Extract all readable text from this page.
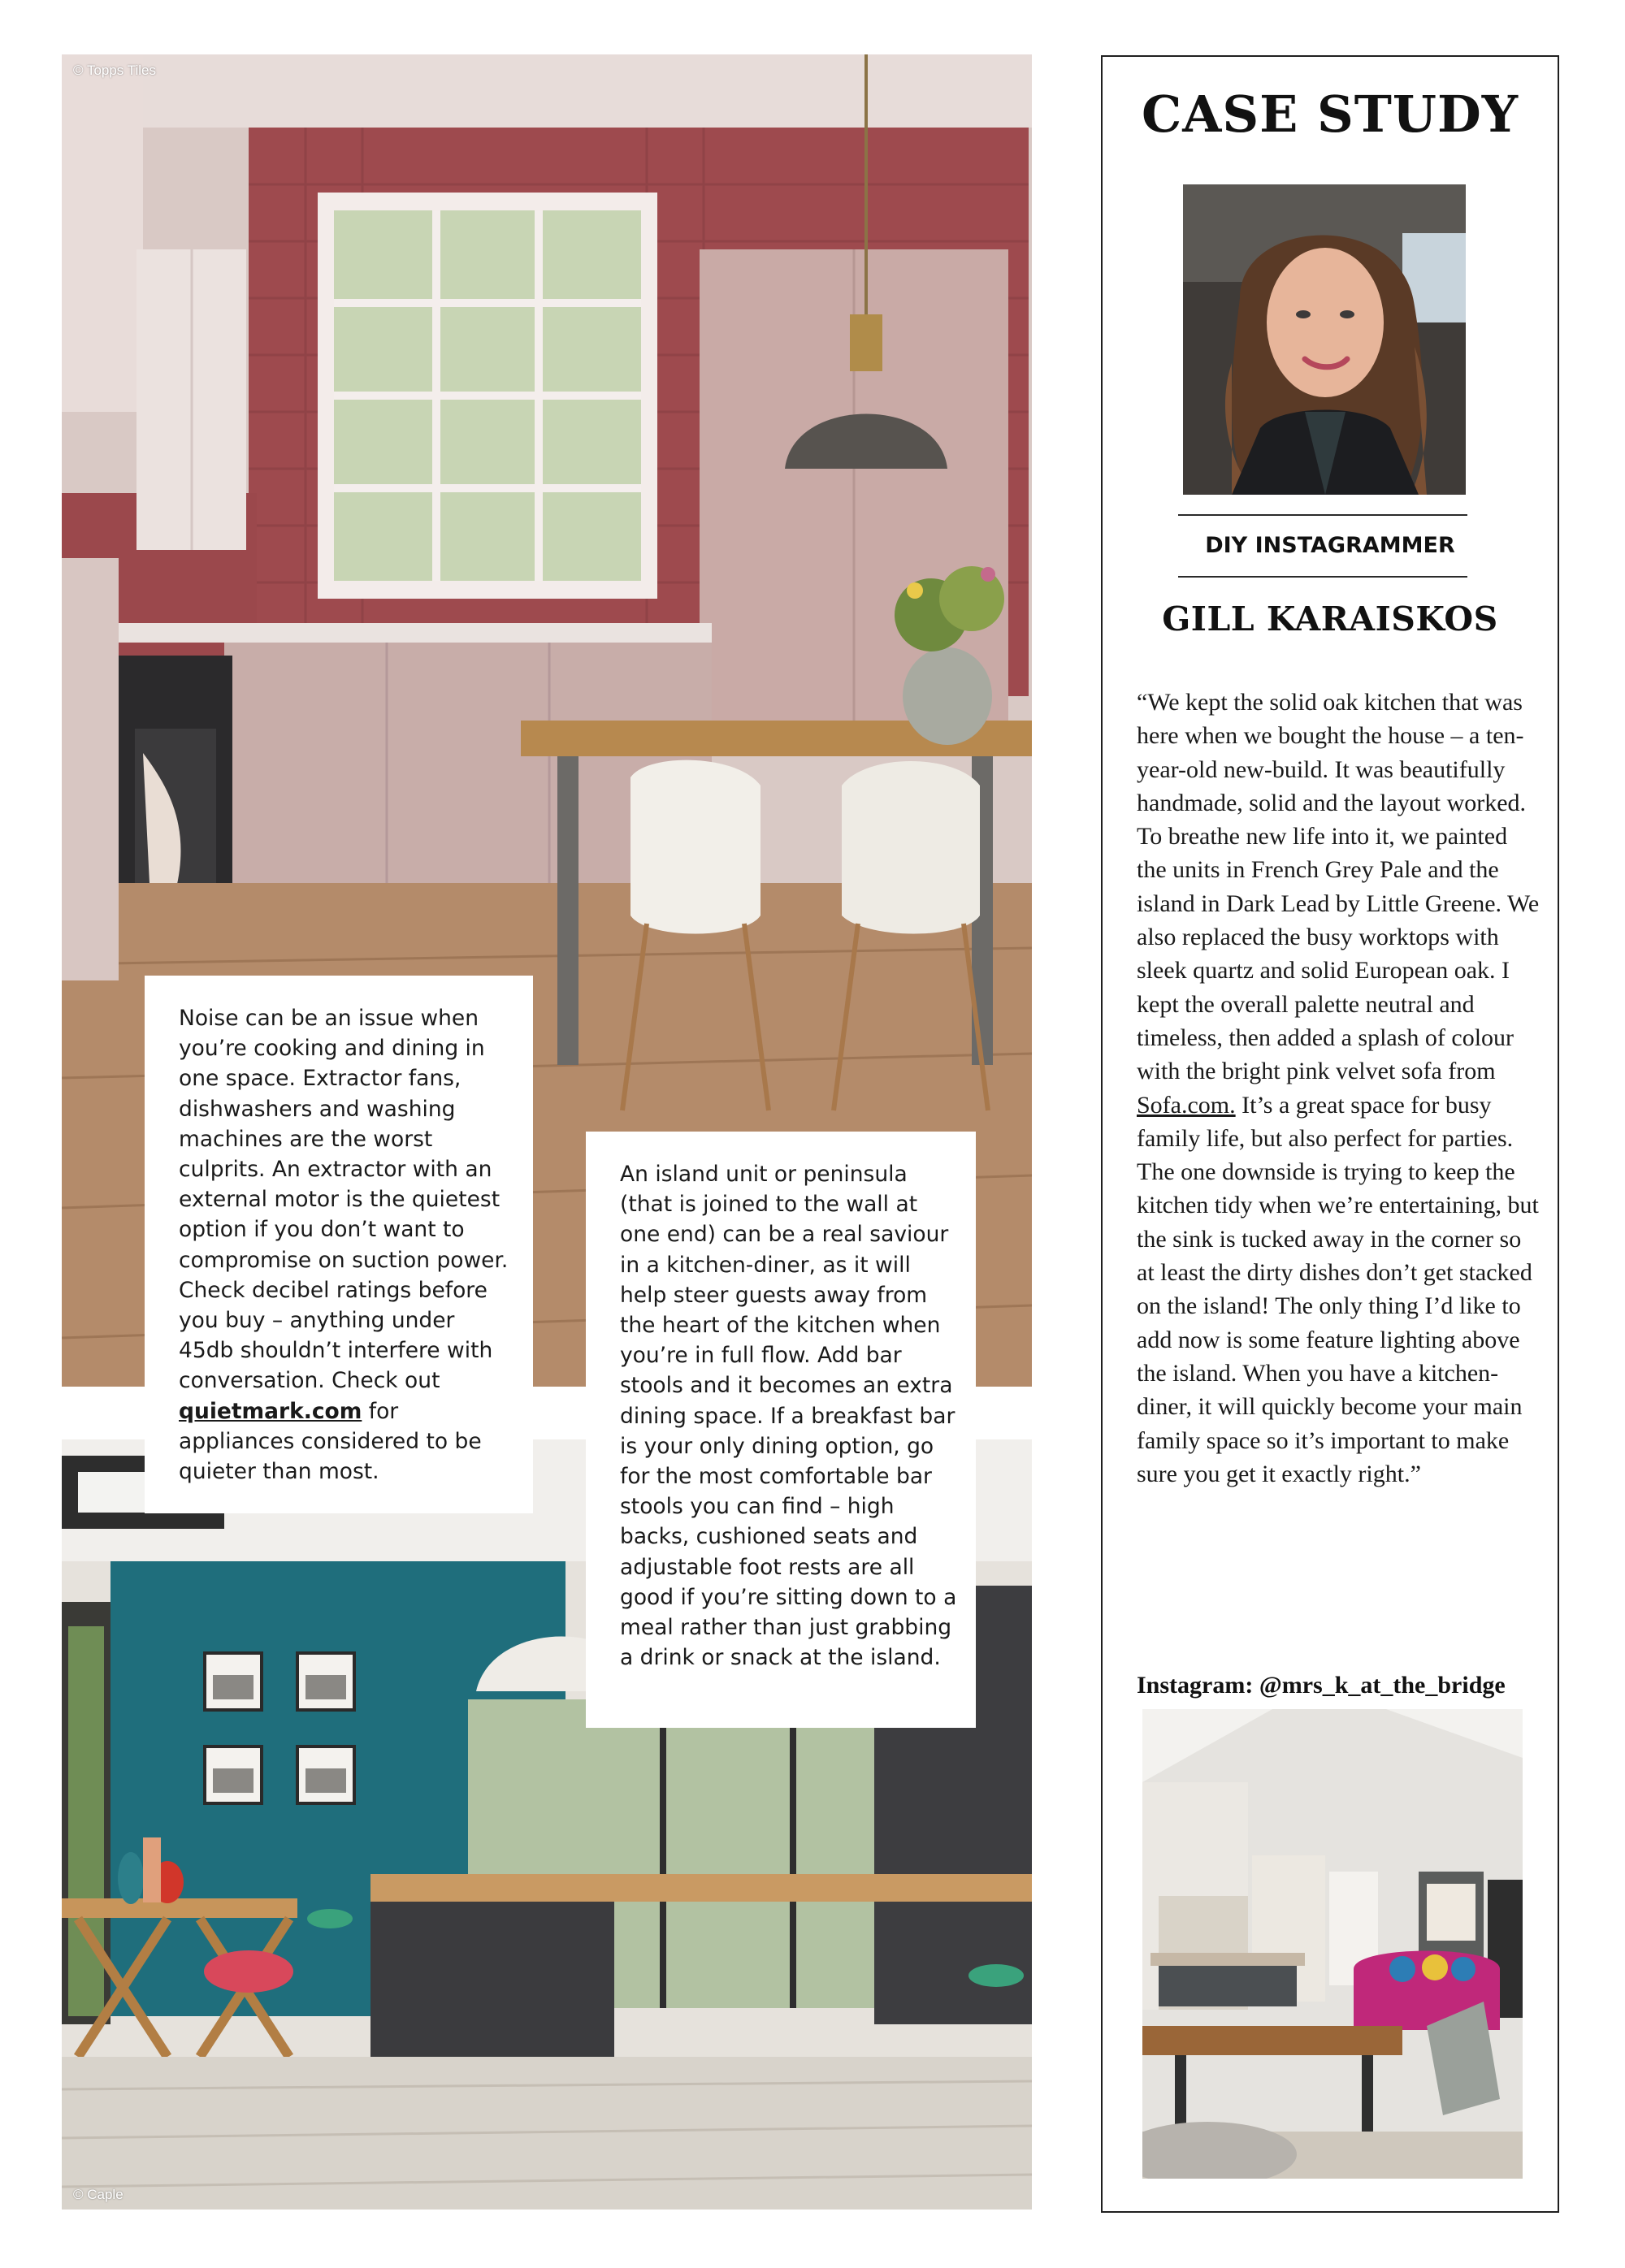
© Topps Tiles
© Caple

Noise can be an issue when you’re cooking and dining in one space. Extractor fans, dishwashers and washing machines are the worst culprits. An extractor with an external motor is the quietest option if you don’t want to compromise on suction power. Check decibel ratings before you buy – anything under 45db shouldn’t interfere with conversation. Check out quietmark.com for appliances considered to be quieter than most.

An island unit or peninsula (that is joined to the wall at one end) can be a real saviour in a kitchen-diner, as it will help steer guests away from the heart of the kitchen when you’re in full flow. Add bar stools and it becomes an extra dining space. If a breakfast bar is your only dining option, go for the most comfortable bar stools you can find – high backs, cushioned seats and adjustable foot rests are all good if you’re sitting down to a meal rather than just grabbing a drink or snack at the island.

CASE STUDY
DIY INSTAGRAMMER
GILL KARAISKOS

“We kept the solid oak kitchen that was here when we bought the house – a ten-year-old new-build. It was beautifully handmade, solid and the layout worked. To breathe new life into it, we painted the units in French Grey Pale and the island in Dark Lead by Little Greene. We also replaced the busy worktops with sleek quartz and solid European oak. I kept the overall palette neutral and timeless, then added a splash of colour with the bright pink velvet sofa from Sofa.com. It’s a great space for busy family life, but also perfect for parties. The one downside is trying to keep the kitchen tidy when we’re entertaining, but the sink is tucked away in the corner so at least the dirty dishes don’t get stacked on the island! The only thing I’d like to add now is some feature lighting above the island. When you have a kitchen-diner, it will quickly become your main family space so it’s important to make sure you get it exactly right.”

Instagram: @mrs_k_at_the_bridge
